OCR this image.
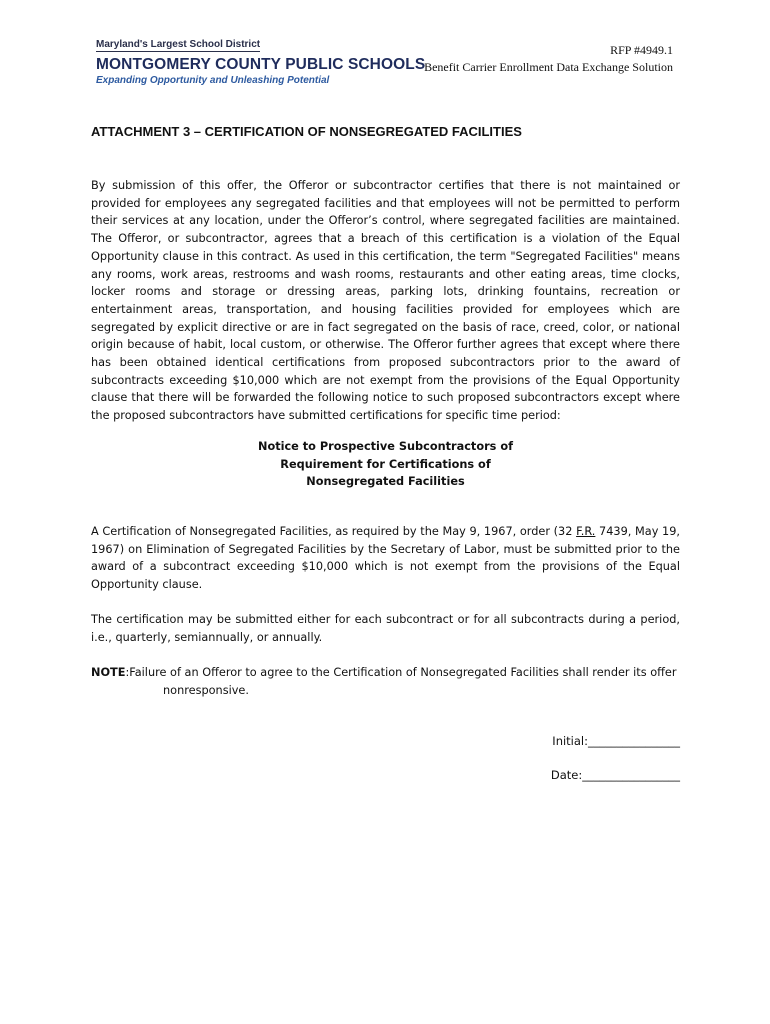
Maryland's Largest School District
MONTGOMERY COUNTY PUBLIC SCHOOLS
Expanding Opportunity and Unleashing Potential
RFP #4949.1
Benefit Carrier Enrollment Data Exchange Solution
ATTACHMENT 3 – CERTIFICATION OF NONSEGREGATED FACILITIES

By submission of this offer, the Offeror or subcontractor certifies that there is not maintained or provided for employees any segregated facilities and that employees will not be permitted to perform their services at any location, under the Offeror’s control, where segregated facilities are maintained. The Offeror, or subcontractor, agrees that a breach of this certification is a violation of the Equal Opportunity clause in this contract. As used in this certification, the term "Segregated Facilities" means any rooms, work areas, restrooms and wash rooms, restaurants and other eating areas, time clocks, locker rooms and storage or dressing areas, parking lots, drinking fountains, recreation or entertainment areas, transportation, and housing facilities provided for employees which are segregated by explicit directive or are in fact segregated on the basis of race, creed, color, or national origin because of habit, local custom, or otherwise. The Offeror further agrees that except where there has been obtained identical certifications from proposed subcontractors prior to the award of subcontracts exceeding $10,000 which are not exempt from the provisions of the Equal Opportunity clause that there will be forwarded the following notice to such proposed subcontractors except where the proposed subcontractors have submitted certifications for specific time period:

Notice to Prospective Subcontractors of
Requirement for Certifications of
Nonsegregated Facilities

A Certification of Nonsegregated Facilities, as required by the May 9, 1967, order (32 F.R. 7439, May 19, 1967) on Elimination of Segregated Facilities by the Secretary of Labor, must be submitted prior to the award of a subcontract exceeding $10,000 which is not exempt from the provisions of the Equal Opportunity clause.

The certification may be submitted either for each subcontract or for all subcontracts during a period, i.e., quarterly, semiannually, or annually.

NOTE:Failure of an Offeror to agree to the Certification of Nonsegregated Facilities shall render its offer
nonresponsive.
Initial:________________
Date:_________________
